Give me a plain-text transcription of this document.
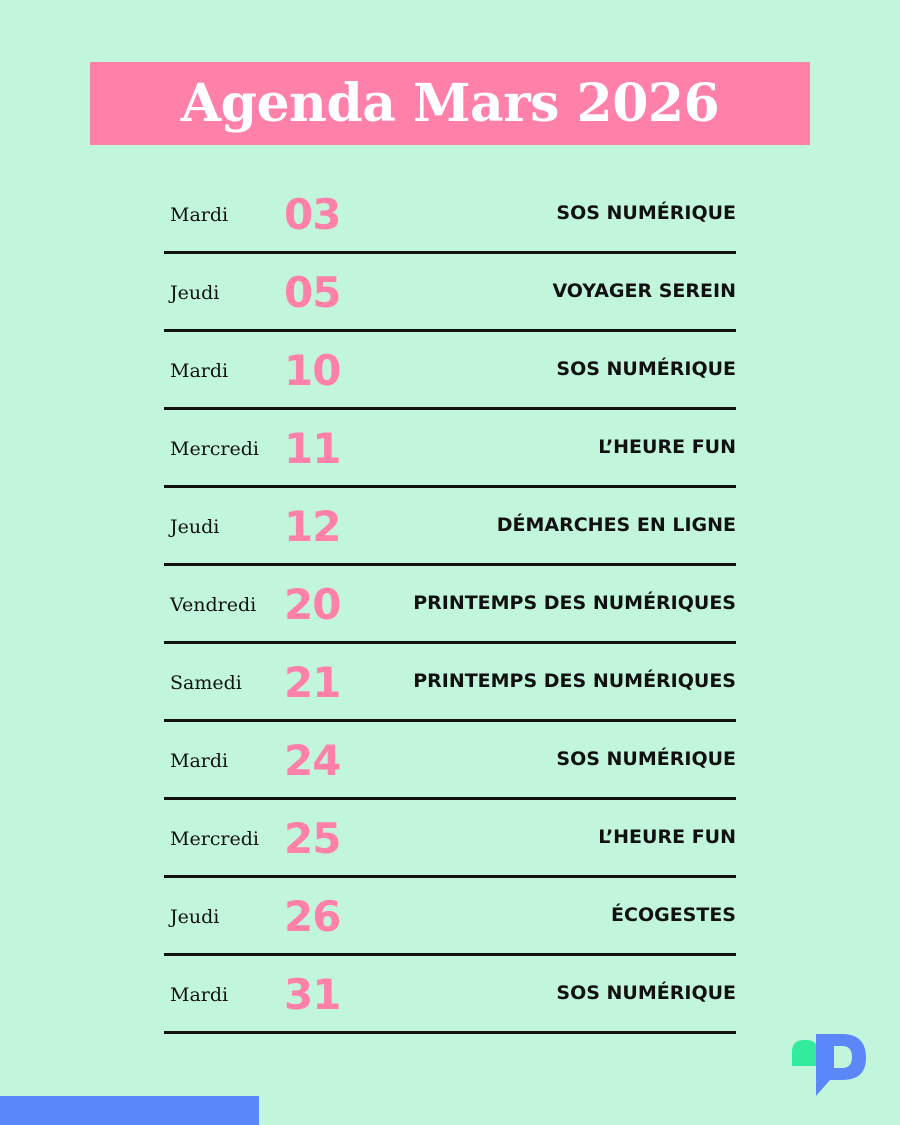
Agenda Mars 2026
Mardi 03	SOS NUMÉRIQUE
Jeudi 05	VOYAGER SEREIN
Mardi 10	SOS NUMÉRIQUE
Mercredi 11	L’HEURE FUN
Jeudi 12	DÉMARCHES EN LIGNE
Vendredi 20	PRINTEMPS DES NUMÉRIQUES
Samedi 21	PRINTEMPS DES NUMÉRIQUES
Mardi 24	SOS NUMÉRIQUE
Mercredi 25	L’HEURE FUN
Jeudi 26	ÉCOGESTES
Mardi 31	SOS NUMÉRIQUE
